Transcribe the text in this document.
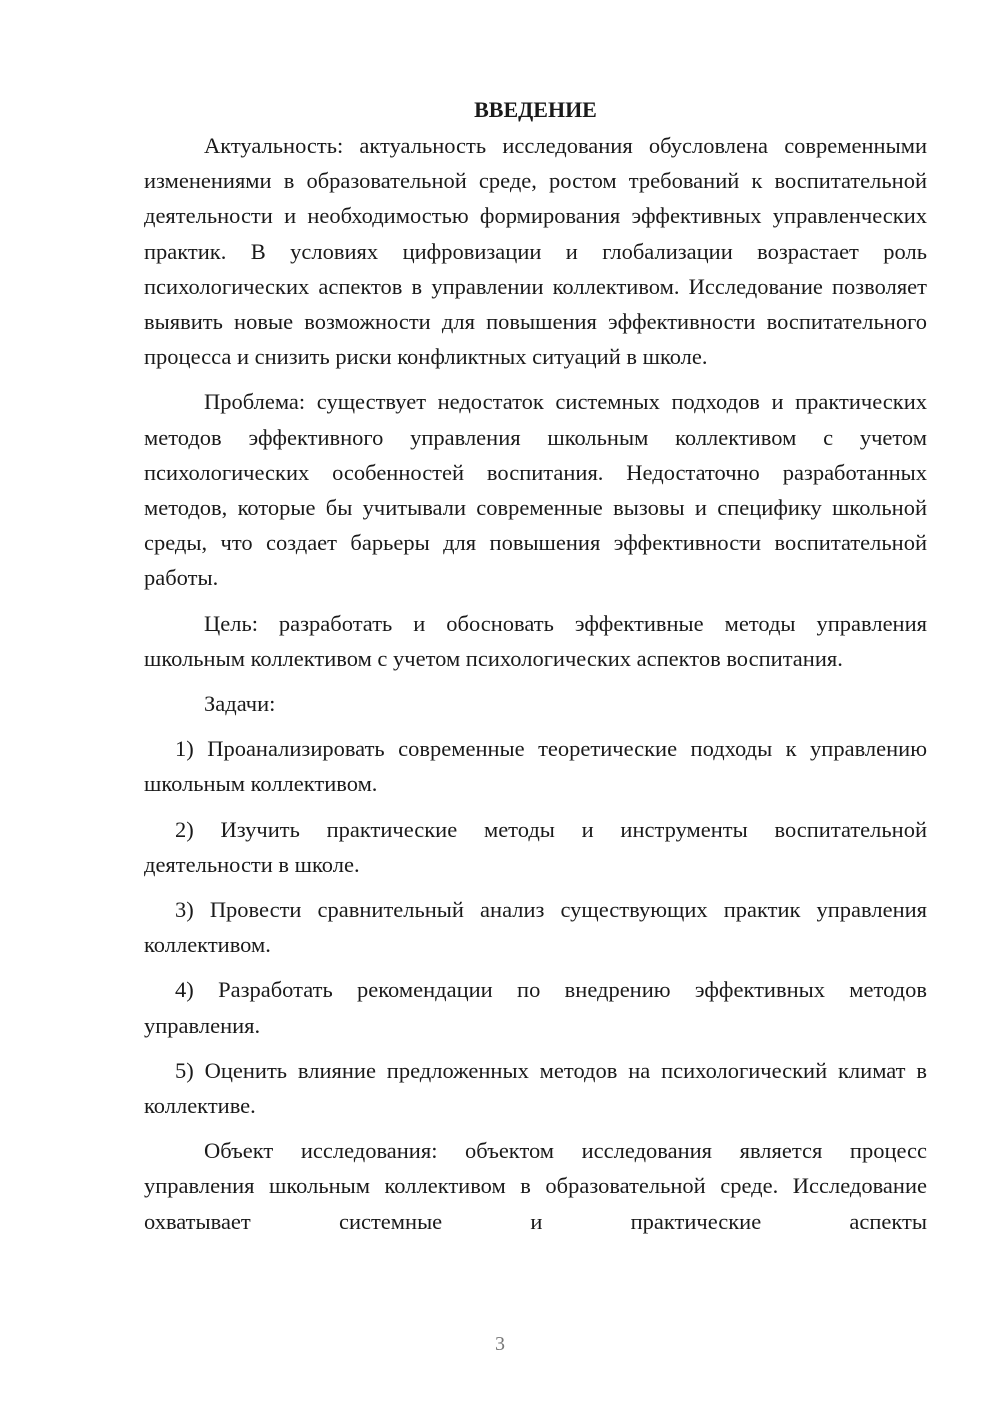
ВВЕДЕНИЕ

Актуальность: актуальность исследования обусловлена современными изменениями в образовательной среде, ростом требований к воспитательной деятельности и необходимостью формирования эффективных управленческих практик. В условиях цифровизации и глобализации возрастает роль психологических аспектов в управлении коллективом. Исследование позволяет выявить новые возможности для повышения эффективности воспитательного процесса и снизить риски конфликтных ситуаций в школе.

Проблема: существует недостаток системных подходов и практических методов эффективного управления школьным коллективом с учетом психологических особенностей воспитания. Недостаточно разработанных методов, которые бы учитывали современные вызовы и специфику школьной среды, что создает барьеры для повышения эффективности воспитательной работы.

Цель: разработать и обосновать эффективные методы управления школьным коллективом с учетом психологических аспектов воспитания.

Задачи:

1) Проанализировать современные теоретические подходы к управлению школьным коллективом.

2) Изучить практические методы и инструменты воспитательной деятельности в школе.

3) Провести сравнительный анализ существующих практик управления коллективом.

4) Разработать рекомендации по внедрению эффективных методов управления.

5) Оценить влияние предложенных методов на психологический климат в коллективе.

Объект исследования: объектом исследования является процесс управления школьным коллективом в образовательной среде. Исследование охватывает системные и практические аспекты

3
